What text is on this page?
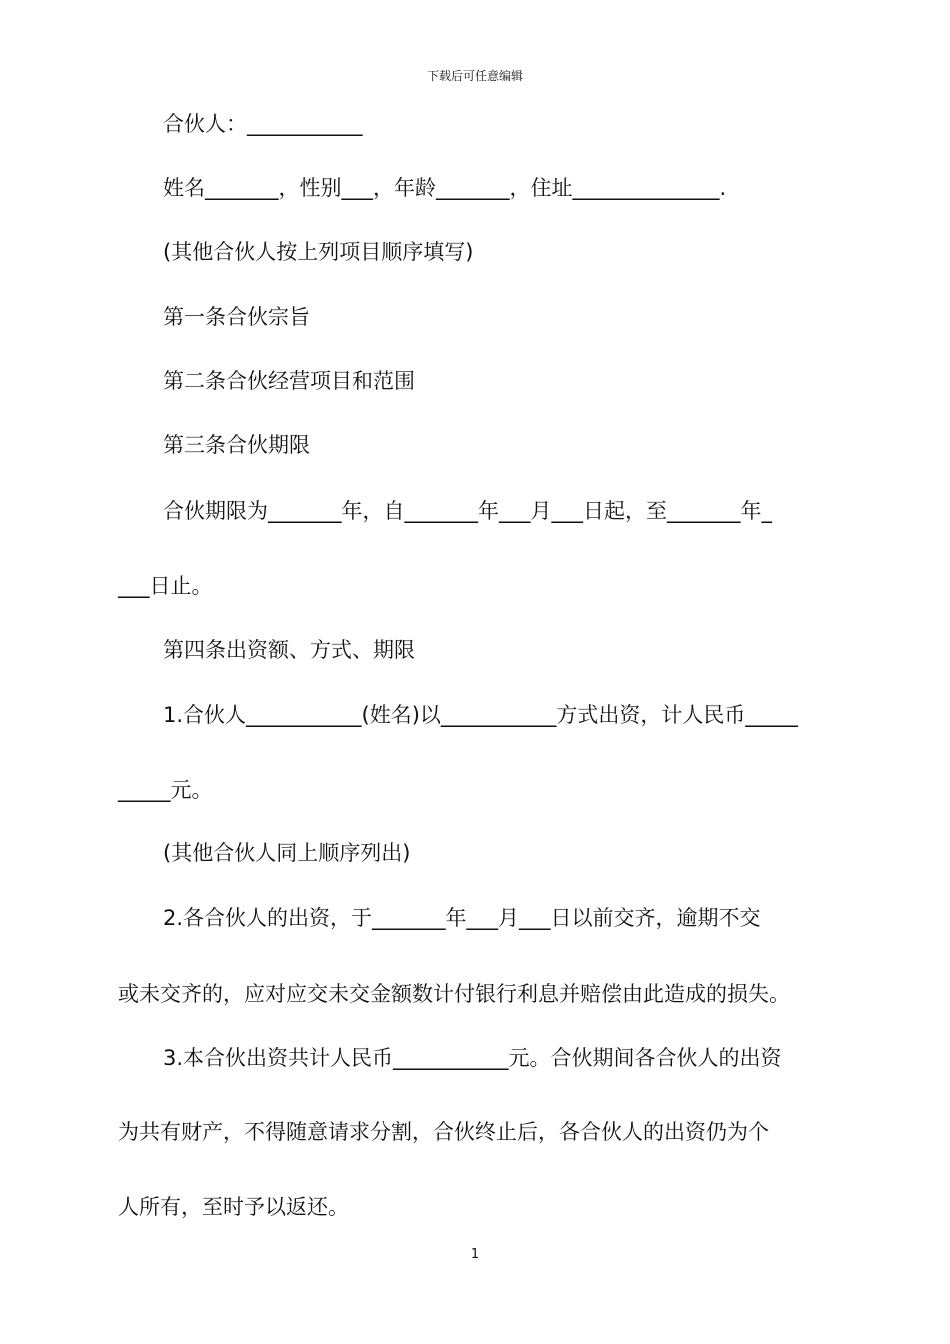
下载后可任意编辑
合伙人：___________
姓名_______，性别___，年龄_______，住址______________.
(其他合伙人按上列项目顺序填写)
第一条合伙宗旨
第二条合伙经营项目和范围
第三条合伙期限
合伙期限为_______年，自_______年___月___日起，至_______年_
___日止。
第四条出资额、方式、期限
1.合伙人___________(姓名)以___________方式出资，计人民币_____
_____元。
(其他合伙人同上顺序列出)
2.各合伙人的出资，于_______年___月___日以前交齐，逾期不交
或未交齐的，应对应交未交金额数计付银行利息并赔偿由此造成的损失。
3.本合伙出资共计人民币___________元。合伙期间各合伙人的出资
为共有财产，不得随意请求分割，合伙终止后，各合伙人的出资仍为个
人所有，至时予以返还。
1
